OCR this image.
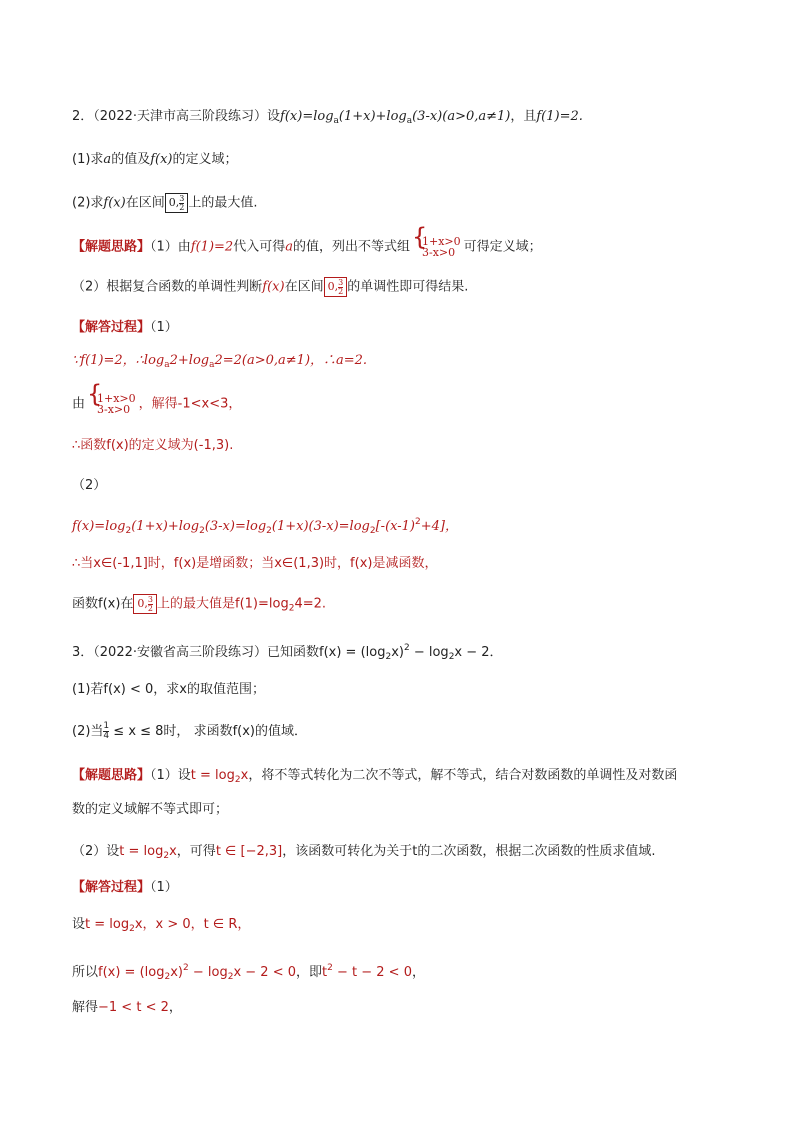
2．（2022·天津市高三阶段练习）设$f(x)=\log_a(1+x)+\log_a(3-x)(a>0,a\ne 1)$，且f(1)=2.
(1)求a的值及f(x)的定义域；
(2)求f(x)在区间 0, $\frac{3}{2}$ 上的最大值.
【解题思路】（1）由f(1)=2代入可得a的值，列出不等式组 { 1+x>0
3-x>0 可得定义域；
（2）根据复合函数的单调性判断f(x)在区间 0, $\frac{3}{2}$ 的单调性即可得结果.
【解答过程】（1）
∵f(1)=2，$\therefore\log_a2+\log_a2=2(a>0,a\ne 1)$，∴a=2.
由 { 1+x>0
3-x>0 ，解得-1<x<3，
∴函数f(x)的定义域为(-1,3).
（2）
$f(x)=\log_2(1+x)+\log_2(3-x)=\log_2(1+x)(3-x)=\log_2[-(x-1)^2+4]$，
∴当x∈(-1,1]时，f(x)是增函数；当x∈(1,3)时，f(x)是减函数，
函数f(x)在 0, $\frac{3}{2}$ 上的最大值是$f(1)=\log_24=2$.
3．（2022·安徽省高三阶段练习）已知函数$f(x) = (\log_2x)^2 - \log_2x - 2$．
(1)若f(x) < 0，求x的取值范围；
(2)当 $\frac{1}{4} \le x \le 8$时， 求函数f(x)的值域．
【解题思路】（1）设$t = \log_2x$，将不等式转化为二次不等式，解不等式，结合对数函数的单调性及对数函
数的定义域解不等式即可；
（2）设$t = \log_2x$，可得t ∈ [−2,3]，该函数可转化为关于t的二次函数，根据二次函数的性质求值域.
【解答过程】（1）
设$t = \log_2x$，x > 0，t ∈ R，
所以$f(x) = (\log_2x)^2 - \log_2x - 2 < 0$，即$t^2 - t - 2 < 0$，
解得−1 < t < 2，
